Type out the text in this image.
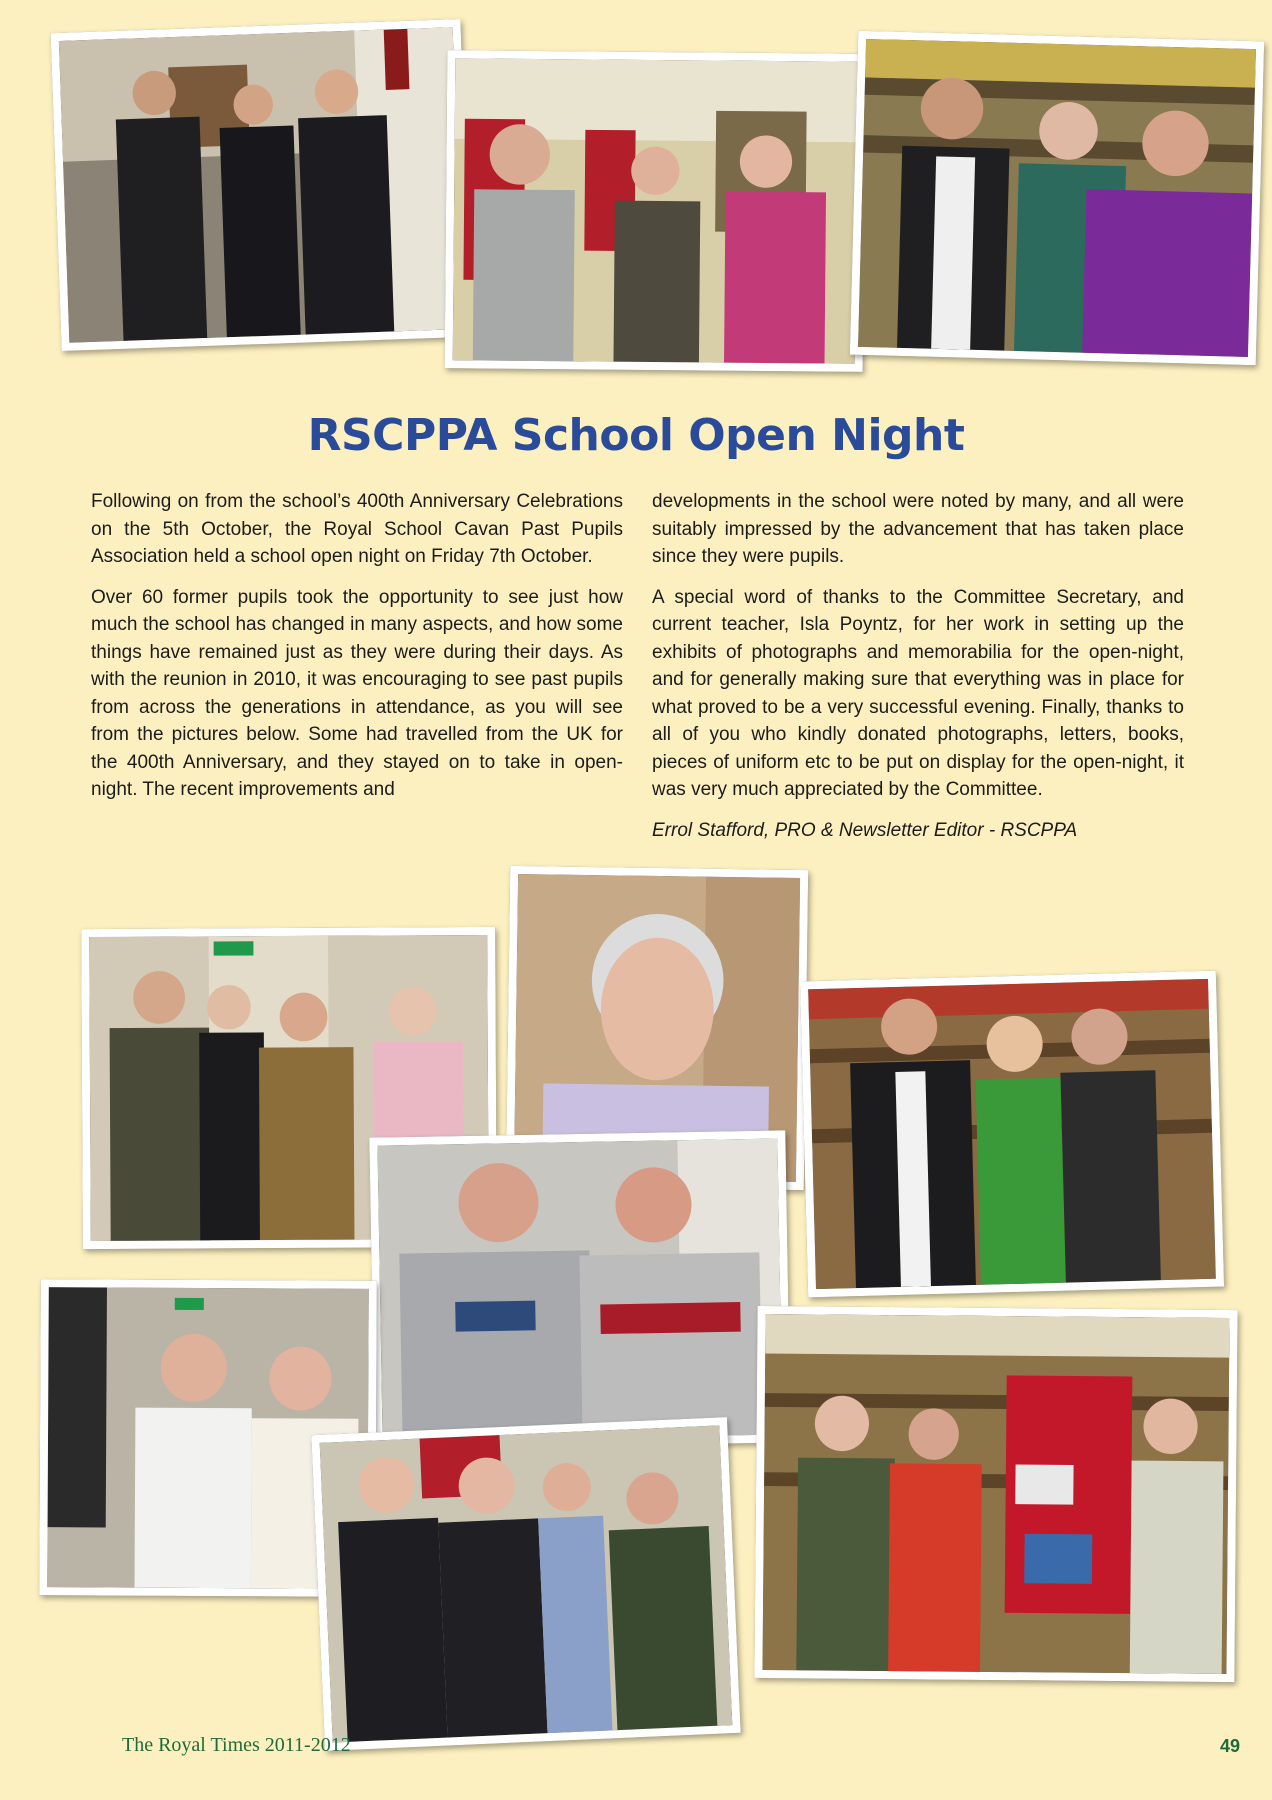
RSCPPA School Open Night

Following on from the school’s 400th Anniversary Celebrations on the 5th October, the Royal School Cavan Past Pupils Association held a school open night on Friday 7th October.

Over 60 former pupils took the opportunity to see just how much the school has changed in many aspects, and how some things have remained just as they were during their days. As with the reunion in 2010, it was encouraging to see past pupils from across the generations in attendance, as you will see from the pictures below. Some had travelled from the UK for the 400th Anniversary, and they stayed on to take in open-night. The recent improvements and

developments in the school were noted by many, and all were suitably impressed by the advancement that has taken place since they were pupils.

A special word of thanks to the Committee Secretary, and current teacher, Isla Poyntz, for her work in setting up the exhibits of photographs and memorabilia for the open-night, and for generally making sure that everything was in place for what proved to be a very successful evening. Finally, thanks to all of you who kindly donated photographs, letters, books, pieces of uniform etc to be put on display for the open-night, it was very much appreciated by the Committee.

Errol Stafford, PRO & Newsletter Editor - RSCPPA

The Royal Times 2011-2012	49
